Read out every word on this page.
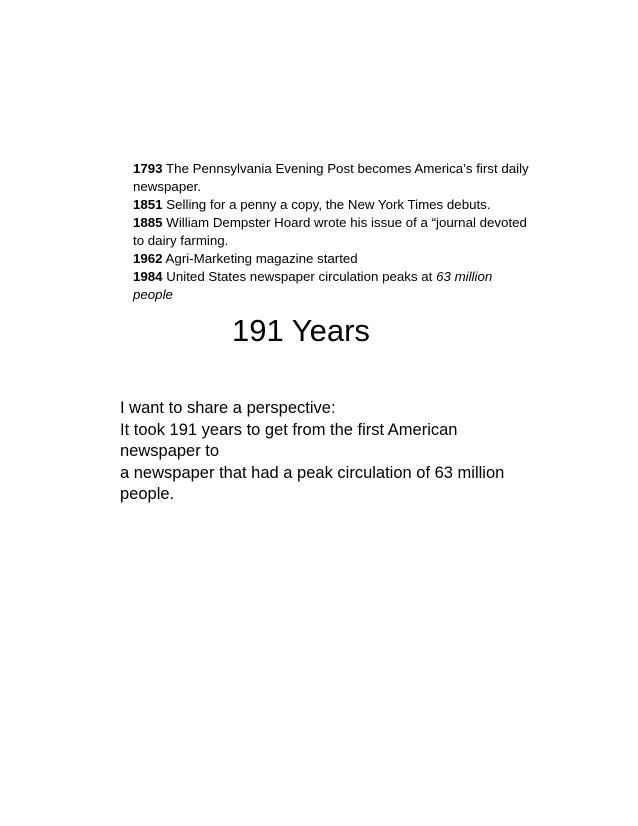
1793 The Pennsylvania Evening Post becomes America’s first daily newspaper.

1851 Selling for a penny a copy, the New York Times debuts.

1885 William Dempster Hoard wrote his issue of a “journal devoted to dairy farming.

1962 Agri-Marketing magazine started

1984 United States newspaper circulation peaks at 63 million people

191 Years
I want to share a perspective:
It took 191 years to get from the first American newspaper to
a newspaper that had a peak circulation of 63 million people.
